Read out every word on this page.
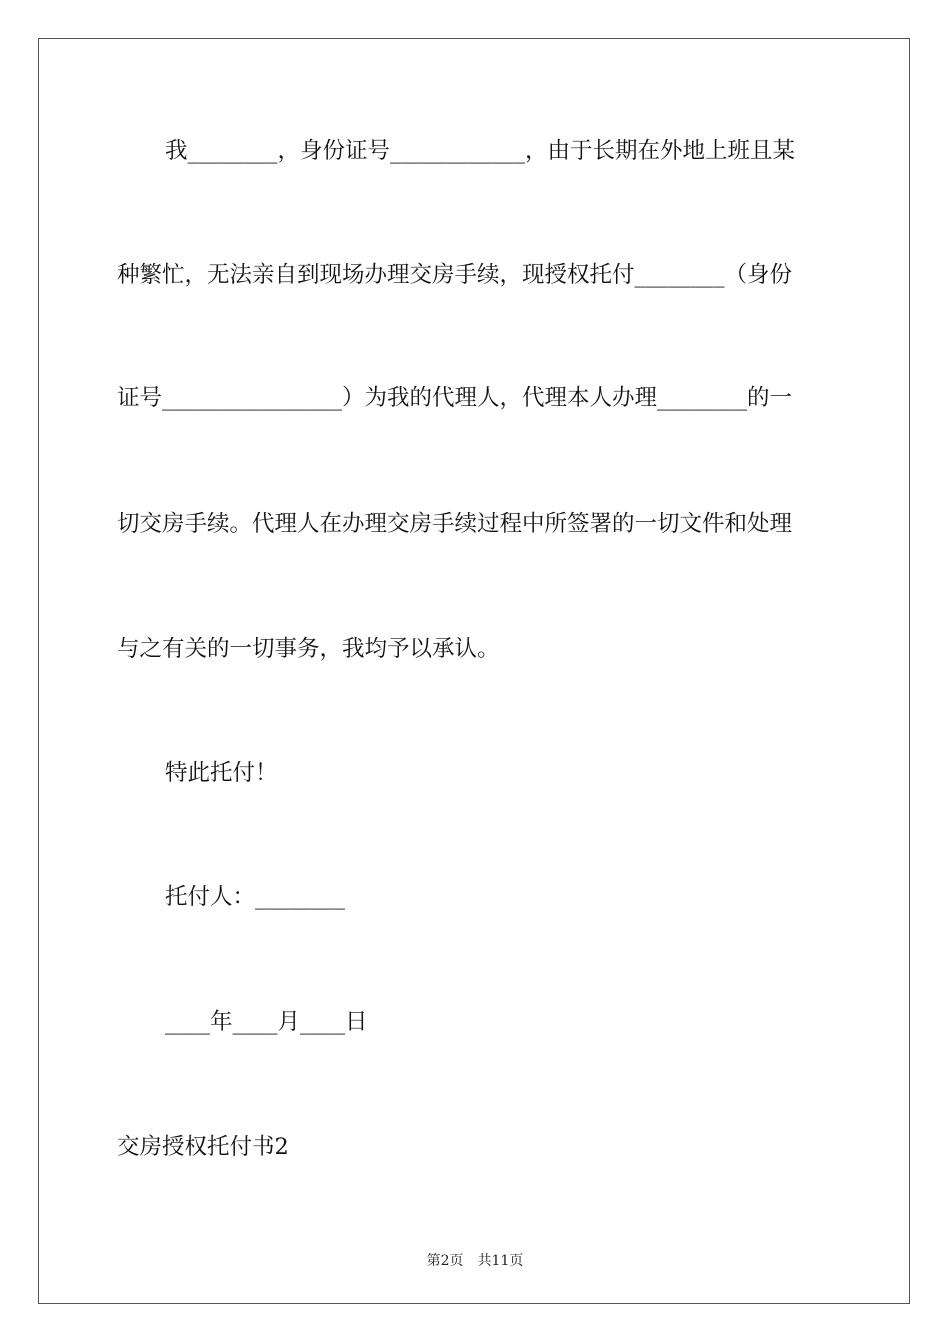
我________，身份证号____________，由于长期在外地上班且某
种繁忙，无法亲自到现场办理交房手续，现授权托付________（身份
证号________________）为我的代理人，代理本人办理________的一
切交房手续。代理人在办理交房手续过程中所签署的一切文件和处理
与之有关的一切事务，我均予以承认。
特此托付！
托付人：________
____年____月____日
交房授权托付书2
第2页　共11页
